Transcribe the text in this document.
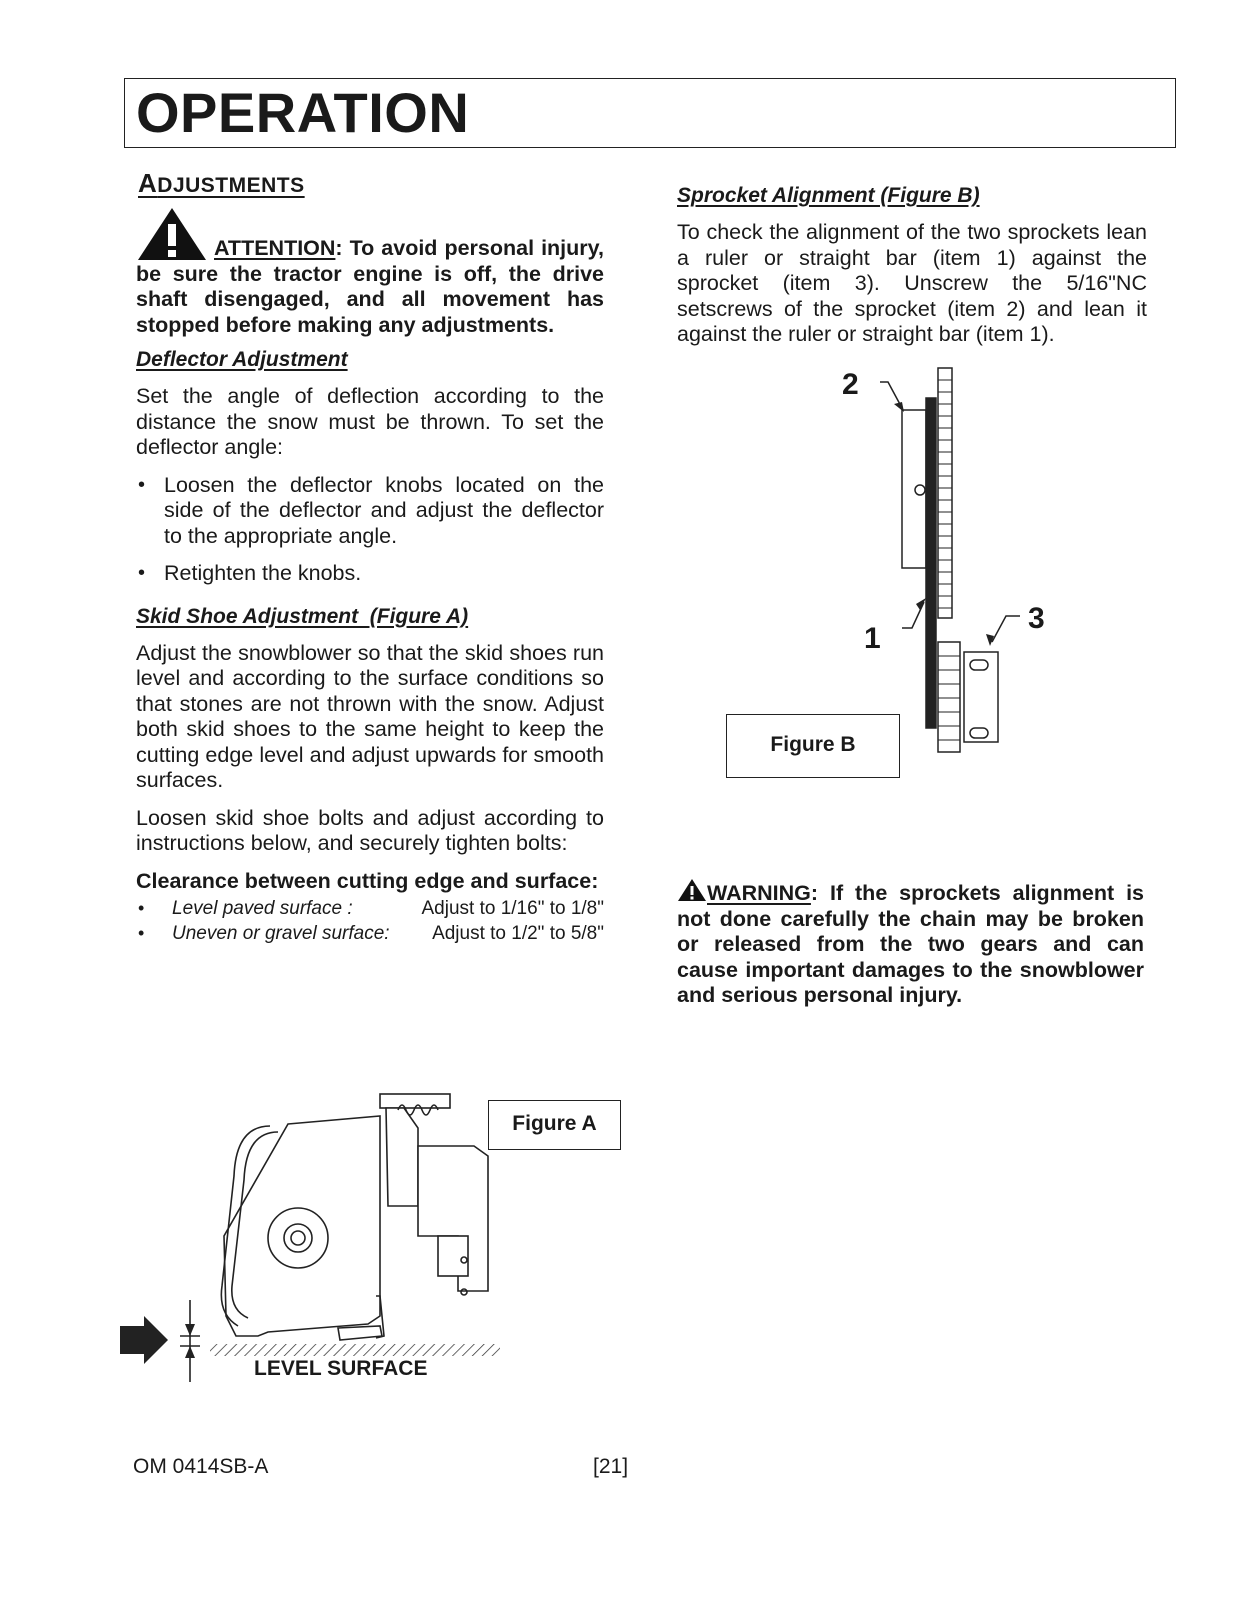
OPERATION
ADJUSTMENTS
ATTENTION: To avoid personal injury, be sure the tractor engine is off, the drive shaft disengaged, and all movement has stopped before making any adjustments.
Deflector Adjustment
Set the angle of deflection according to the distance the snow must be thrown. To set the deflector angle:
• Loosen the deflector knobs located on the side of the deflector and adjust the deflector to the appropriate angle.
• Retighten the knobs.
Skid Shoe Adjustment  (Figure A)
Adjust the snowblower so that the skid shoes run level and according to the surface conditions so that stones are not thrown with the snow. Adjust both skid shoes to the same height to keep the cutting edge level and adjust upwards for smooth surfaces.
Loosen skid shoe bolts and adjust according to instructions below, and securely tighten bolts:
Clearance between cutting edge and surface:
• Level paved surface :	Adjust to 1/16" to 1/8"
• Uneven or gravel surface: Adjust to 1/2" to 5/8"
Sprocket Alignment (Figure B)
To check the alignment of the two sprockets lean a ruler or straight bar (item 1) against the sprocket (item 3). Unscrew the 5/16"NC setscrews of the sprocket (item 2) and lean it against the ruler or straight bar (item 1).
2
1
3
Figure B
WARNING: If the sprockets alignment is not done carefully the chain may be broken or released from the two gears and can cause important damages to the snowblower and serious personal injury.
Figure A
LEVEL SURFACE
OM 0414SB-A	[21]
